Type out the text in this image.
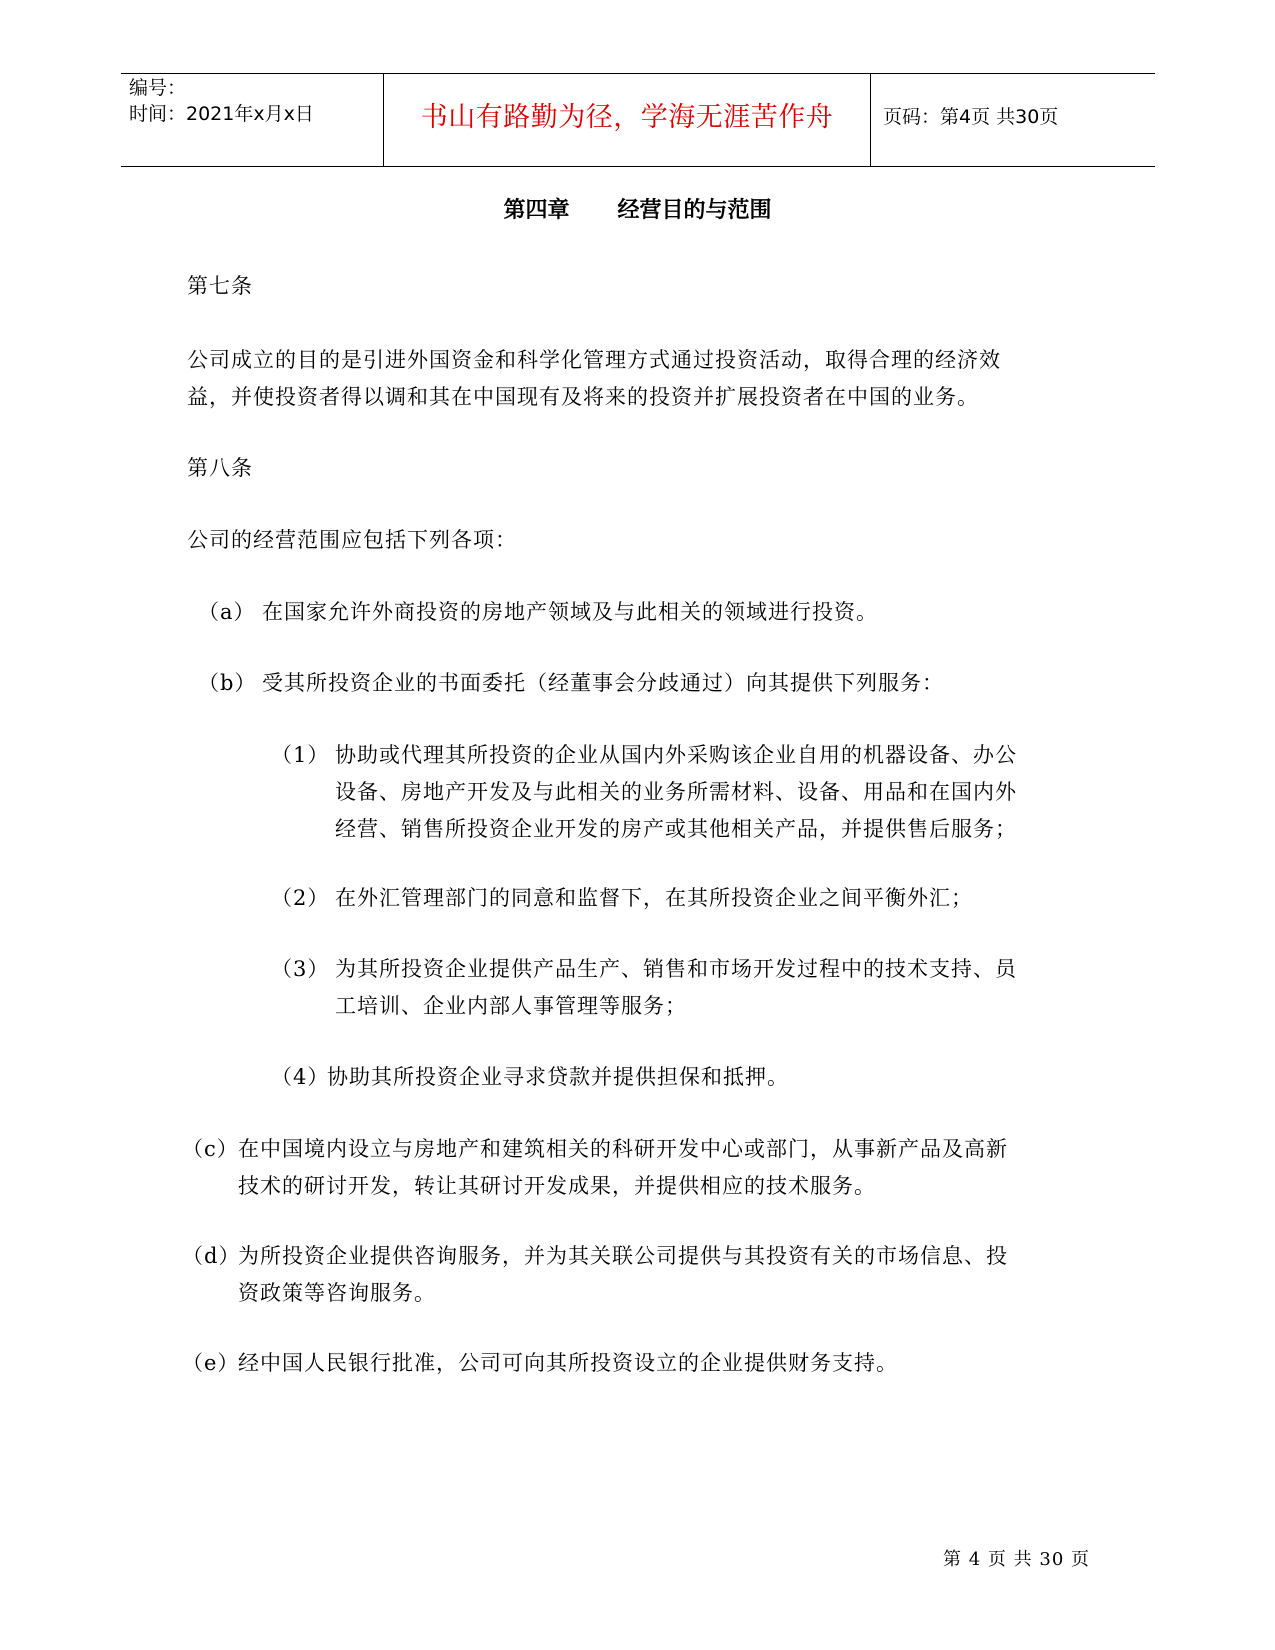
编号：
时间：2021年x月x日	书山有路勤为径，学海无涯苦作舟	页码：第4页 共30页
第四章 经营目的与范围
第七条
公司成立的目的是引进外国资金和科学化管理方式通过投资活动，取得合理的经济效
益，并使投资者得以调和其在中国现有及将来的投资并扩展投资者在中国的业务。
第八条
公司的经营范围应包括下列各项：
（a） 在国家允许外商投资的房地产领域及与此相关的领域进行投资。
（b） 受其所投资企业的书面委托（经董事会分歧通过）向其提供下列服务：
（1） 协助或代理其所投资的企业从国内外采购该企业自用的机器设备、办公
设备、房地产开发及与此相关的业务所需材料、设备、用品和在国内外
经营、销售所投资企业开发的房产或其他相关产品，并提供售后服务；
（2） 在外汇管理部门的同意和监督下，在其所投资企业之间平衡外汇；
（3） 为其所投资企业提供产品生产、销售和市场开发过程中的技术支持、员
工培训、企业内部人事管理等服务；
（4）
协助其所投资企业寻求贷款并提供担保和抵押。
（c） 在中国境内设立与房地产和建筑相关的科研开发中心或部门，从事新产品及高新
技术的研讨开发，转让其研讨开发成果，并提供相应的技术服务。
（d）
为所投资企业提供咨询服务，并为其关联公司提供与其投资有关的市场信息、投
资政策等咨询服务。
（e）
经中国人民银行批准，公司可向其所投资设立的企业提供财务支持。
第 4 页 共 30 页
